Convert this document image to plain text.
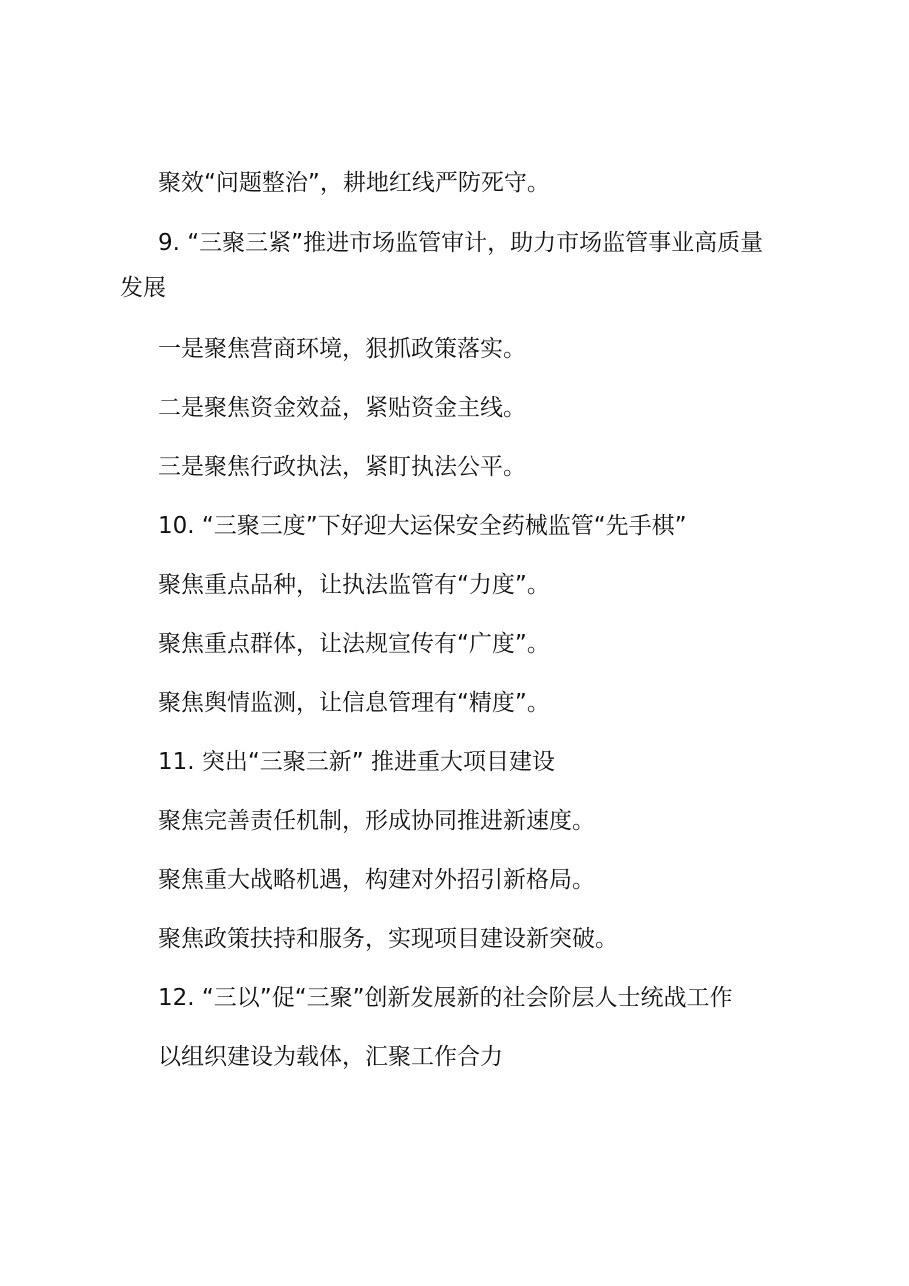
聚效“问题整治”，耕地红线严防死守。
9. “三聚三紧”推进市场监管审计，助力市场监管事业高质量
发展
一是聚焦营商环境，狠抓政策落实。
二是聚焦资金效益，紧贴资金主线。
三是聚焦行政执法，紧盯执法公平。
10. “三聚三度”下好迎大运保安全药械监管“先手棋”
聚焦重点品种，让执法监管有“力度”。
聚焦重点群体，让法规宣传有“广度”。
聚焦舆情监测，让信息管理有“精度”。
11. 突出“三聚三新” 推进重大项目建设
聚焦完善责任机制，形成协同推进新速度。
聚焦重大战略机遇，构建对外招引新格局。
聚焦政策扶持和服务，实现项目建设新突破。
12. “三以”促“三聚”创新发展新的社会阶层人士统战工作
以组织建设为载体，汇聚工作合力
